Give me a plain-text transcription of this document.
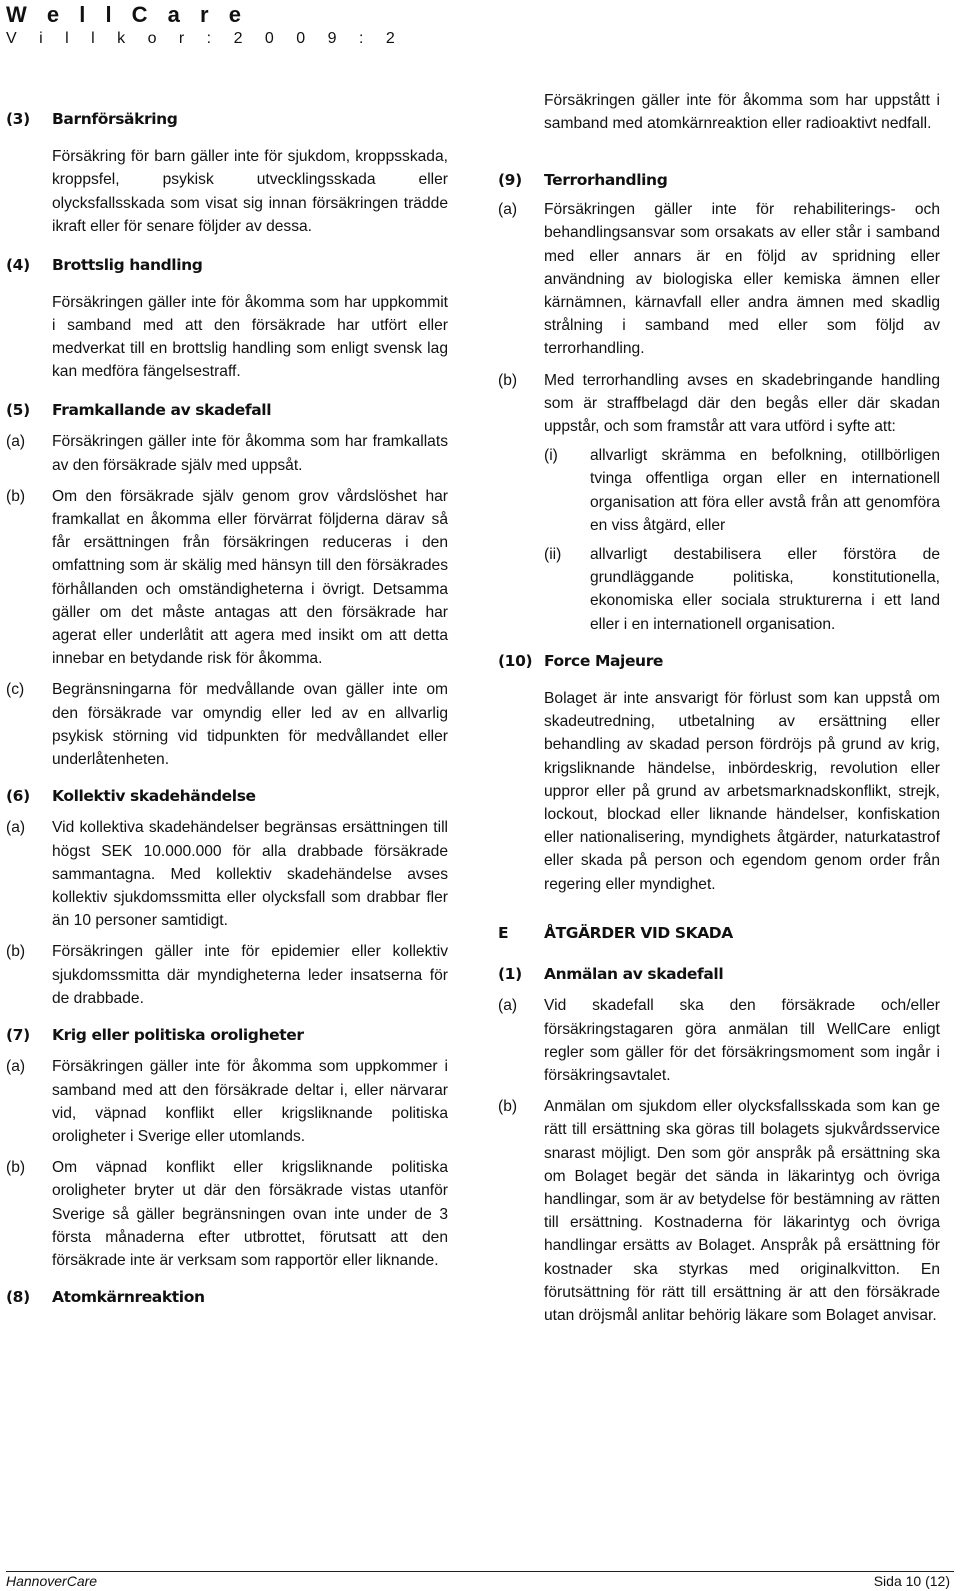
W e l l C a r e
V i l l k o r : 2 0 0 9 : 2
(3)	Barnförsäkring

Försäkring för barn gäller inte för sjukdom, kroppsskada, kroppsfel, psykisk utvecklingsskada eller olycksfallsskada som visat sig innan försäkringen trädde ikraft eller för senare följder av dessa.

(4)	Brottslig handling

Försäkringen gäller inte för åkomma som har uppkommit i samband med att den försäkrade har utfört eller medverkat till en brottslig handling som enligt svensk lag kan medföra fängelsestraff.

(5)	Framkallande av skadefall
(a)	Försäkringen gäller inte för åkomma som har framkallats av den försäkrade själv med uppsåt.
(b)	Om den försäkrade själv genom grov vårdslöshet har framkallat en åkomma eller förvärrat följderna därav så får ersättningen från försäkringen reduceras i den omfattning som är skälig med hänsyn till den försäkrades förhållanden och omständigheterna i övrigt. Detsamma gäller om det måste antagas att den försäkrade har agerat eller underlåtit att agera med insikt om att detta innebar en betydande risk för åkomma.
(c)	Begränsningarna för medvållande ovan gäller inte om den försäkrade var omyndig eller led av en allvarlig psykisk störning vid tidpunkten för medvållandet eller underlåtenheten.
(6)	Kollektiv skadehändelse
(a)	Vid kollektiva skadehändelser begränsas ersättningen till högst SEK 10.000.000 för alla drabbade försäkrade sammantagna. Med kollektiv skadehändelse avses kollektiv sjukdomssmitta eller olycksfall som drabbar fler än 10 personer samtidigt.
(b)	Försäkringen gäller inte för epidemier eller kollektiv sjukdomssmitta där myndigheterna leder insatserna för de drabbade.
(7)	Krig eller politiska oroligheter
(a)	Försäkringen gäller inte för åkomma som uppkommer i samband med att den försäkrade deltar i, eller närvarar vid, väpnad konflikt eller krigsliknande politiska oroligheter i Sverige eller utomlands.
(b)	Om väpnad konflikt eller krigsliknande politiska oroligheter bryter ut där den försäkrade vistas utanför Sverige så gäller begränsningen ovan inte under de 3 första månaderna efter utbrottet, förutsatt att den försäkrade inte är verksam som rapportör eller liknande.
(8)	Atomkärnreaktion

Försäkringen gäller inte för åkomma som har uppstått i samband med atomkärnreaktion eller radioaktivt nedfall.

(9)	Terrorhandling
(a)	Försäkringen gäller inte för rehabiliterings- och behandlingsansvar som orsakats av eller står i samband med eller annars är en följd av spridning eller användning av biologiska eller kemiska ämnen eller kärnämnen, kärnavfall eller andra ämnen med skadlig strålning i samband med eller som följd av terrorhandling.
(b)	Med terrorhandling avses en skadebringande handling som är straffbelagd där den begås eller där skadan uppstår, och som framstår att vara utförd i syfte att:
(i)	allvarligt skrämma en befolkning, otillbörligen tvinga offentliga organ eller en internationell organisation att föra eller avstå från att genomföra en viss åtgärd, eller
(ii)	allvarligt destabilisera eller förstöra de grundläggande politiska, konstitutionella, ekonomiska eller sociala strukturerna i ett land eller i en internationell organisation.
(10) Force Majeure

Bolaget är inte ansvarigt för förlust som kan uppstå om skadeutredning, utbetalning av ersättning eller behandling av skadad person fördröjs på grund av krig, krigsliknande händelse, inbördeskrig, revolution eller uppror eller på grund av arbetsmarknadskonflikt, strejk, lockout, blockad eller liknande händelser, konfiskation eller nationalisering, myndighets åtgärder, naturkatastrof eller skada på person och egendom genom order från regering eller myndighet.

E	ÅTGÄRDER VID SKADA
(1)	Anmälan av skadefall
(a)	Vid skadefall ska den försäkrade och/eller försäkringstagaren göra anmälan till WellCare enligt regler som gäller för det försäkringsmoment som ingår i försäkringsavtalet.
(b)	Anmälan om sjukdom eller olycksfallsskada som kan ge rätt till ersättning ska göras till bolagets sjukvårdsservice snarast möjligt. Den som gör anspråk på ersättning ska om Bolaget begär det sända in läkarintyg och övriga handlingar, som är av betydelse för bestämning av rätten till ersättning. Kostnaderna för läkarintyg och övriga handlingar ersätts av Bolaget. Anspråk på ersättning för kostnader ska styrkas med originalkvitton. En förutsättning för rätt till ersättning är att den försäkrade utan dröjsmål anlitar behörig läkare som Bolaget anvisar.
HannoverCare	Sida 10 (12)
